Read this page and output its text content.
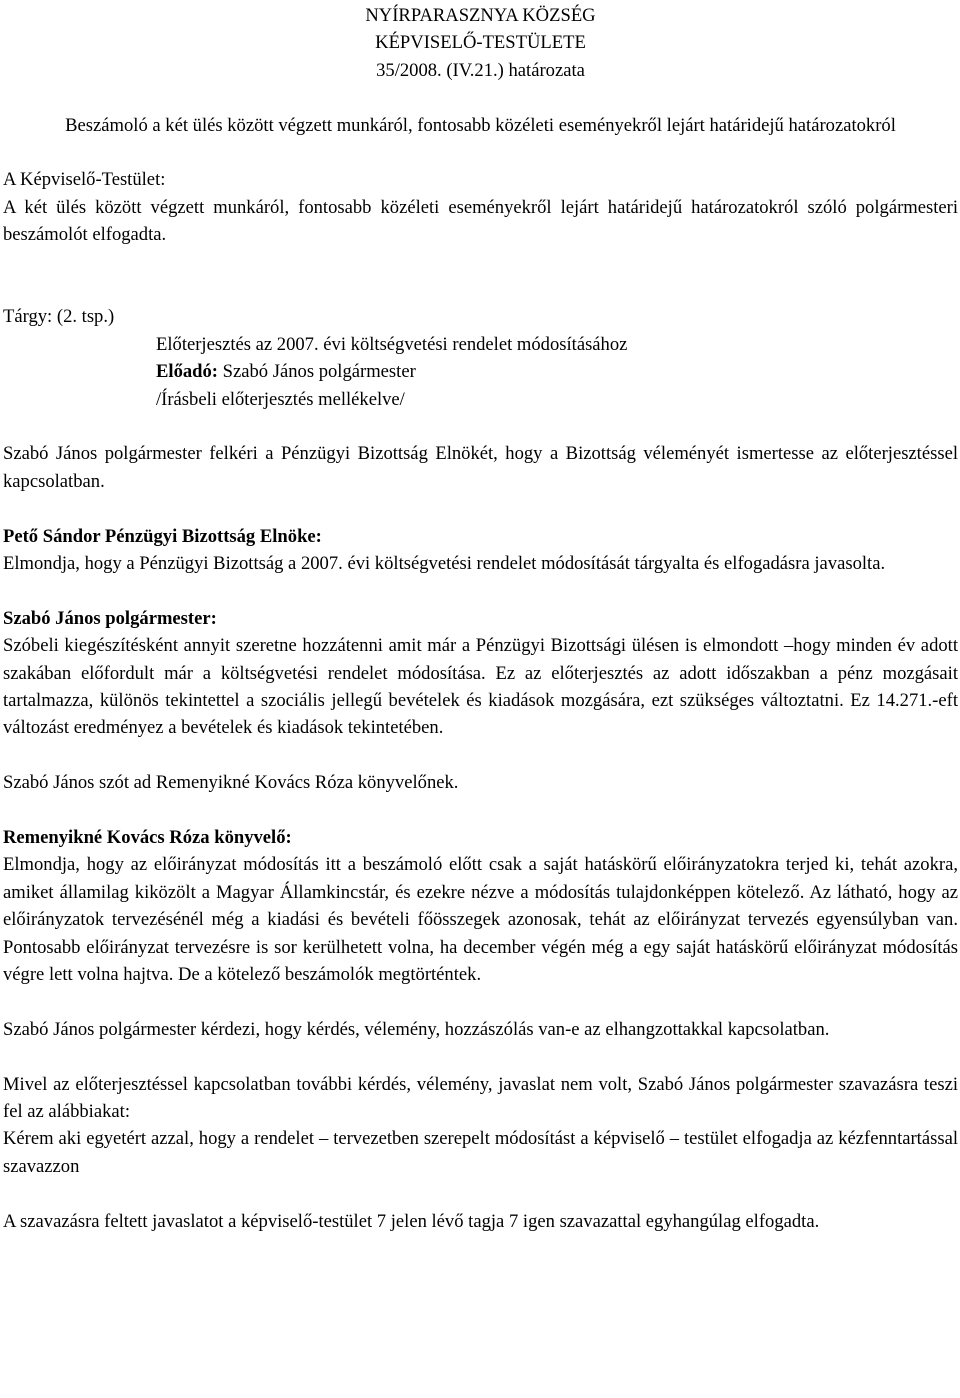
NYÍRPARASZNYA KÖZSÉG
KÉPVISELŐ-TESTÜLETE
35/2008. (IV.21.) határozata

Beszámoló a két ülés között végzett munkáról, fontosabb közéleti eseményekről lejárt határidejű határozatokról

A Képviselő-Testület:

A két ülés között végzett munkáról, fontosabb közéleti eseményekről lejárt határidejű határozatokról szóló polgármesteri beszámolót elfogadta.

Tárgy: (2. tsp.)

Előterjesztés az 2007. évi költségvetési rendelet módosításához

Előadó: Szabó János polgármester

/Írásbeli előterjesztés mellékelve/

Szabó János polgármester felkéri a Pénzügyi Bizottság Elnökét, hogy a Bizottság véleményét ismertesse az előterjesztéssel kapcsolatban.

Pető Sándor Pénzügyi Bizottság Elnöke:

Elmondja, hogy a Pénzügyi Bizottság a 2007. évi költségvetési rendelet módosítását tárgyalta és elfogadásra javasolta.

Szabó János polgármester:

Szóbeli kiegészítésként annyit szeretne hozzátenni amit már a Pénzügyi Bizottsági ülésen is elmondott –hogy minden év adott szakában előfordult már a költségvetési rendelet módosítása. Ez az előterjesztés az adott időszakban a pénz mozgásait tartalmazza, különös tekintettel a szociális jellegű bevételek és kiadások mozgására, ezt szükséges változtatni. Ez 14.271.-eft változást eredményez a bevételek és kiadások tekintetében.

Szabó János szót ad Remenyikné Kovács Róza könyvelőnek.

Remenyikné Kovács Róza könyvelő:

Elmondja, hogy az előirányzat módosítás itt a beszámoló előtt csak a saját hatáskörű előirányzatokra terjed ki, tehát azokra, amiket államilag kiközölt a Magyar Államkincstár, és ezekre nézve a módosítás tulajdonképpen kötelező. Az látható, hogy az előirányzatok tervezésénél még a kiadási és bevételi főösszegek azonosak, tehát az előirányzat tervezés egyensúlyban van. Pontosabb előirányzat tervezésre is sor kerülhetett volna, ha december végén még a egy saját hatáskörű előirányzat módosítás végre lett volna hajtva. De a kötelező beszámolók megtörténtek.

Szabó János polgármester kérdezi, hogy kérdés, vélemény, hozzászólás van-e az elhangzottakkal kapcsolatban.

Mivel az előterjesztéssel kapcsolatban további kérdés, vélemény, javaslat nem volt, Szabó János polgármester szavazásra teszi fel az alábbiakat:

Kérem aki egyetért azzal, hogy a rendelet – tervezetben szerepelt módosítást a képviselő – testület elfogadja az kézfenntartással szavazzon

A szavazásra feltett javaslatot a képviselő-testület 7 jelen lévő tagja 7 igen szavazattal egyhangúlag elfogadta.
